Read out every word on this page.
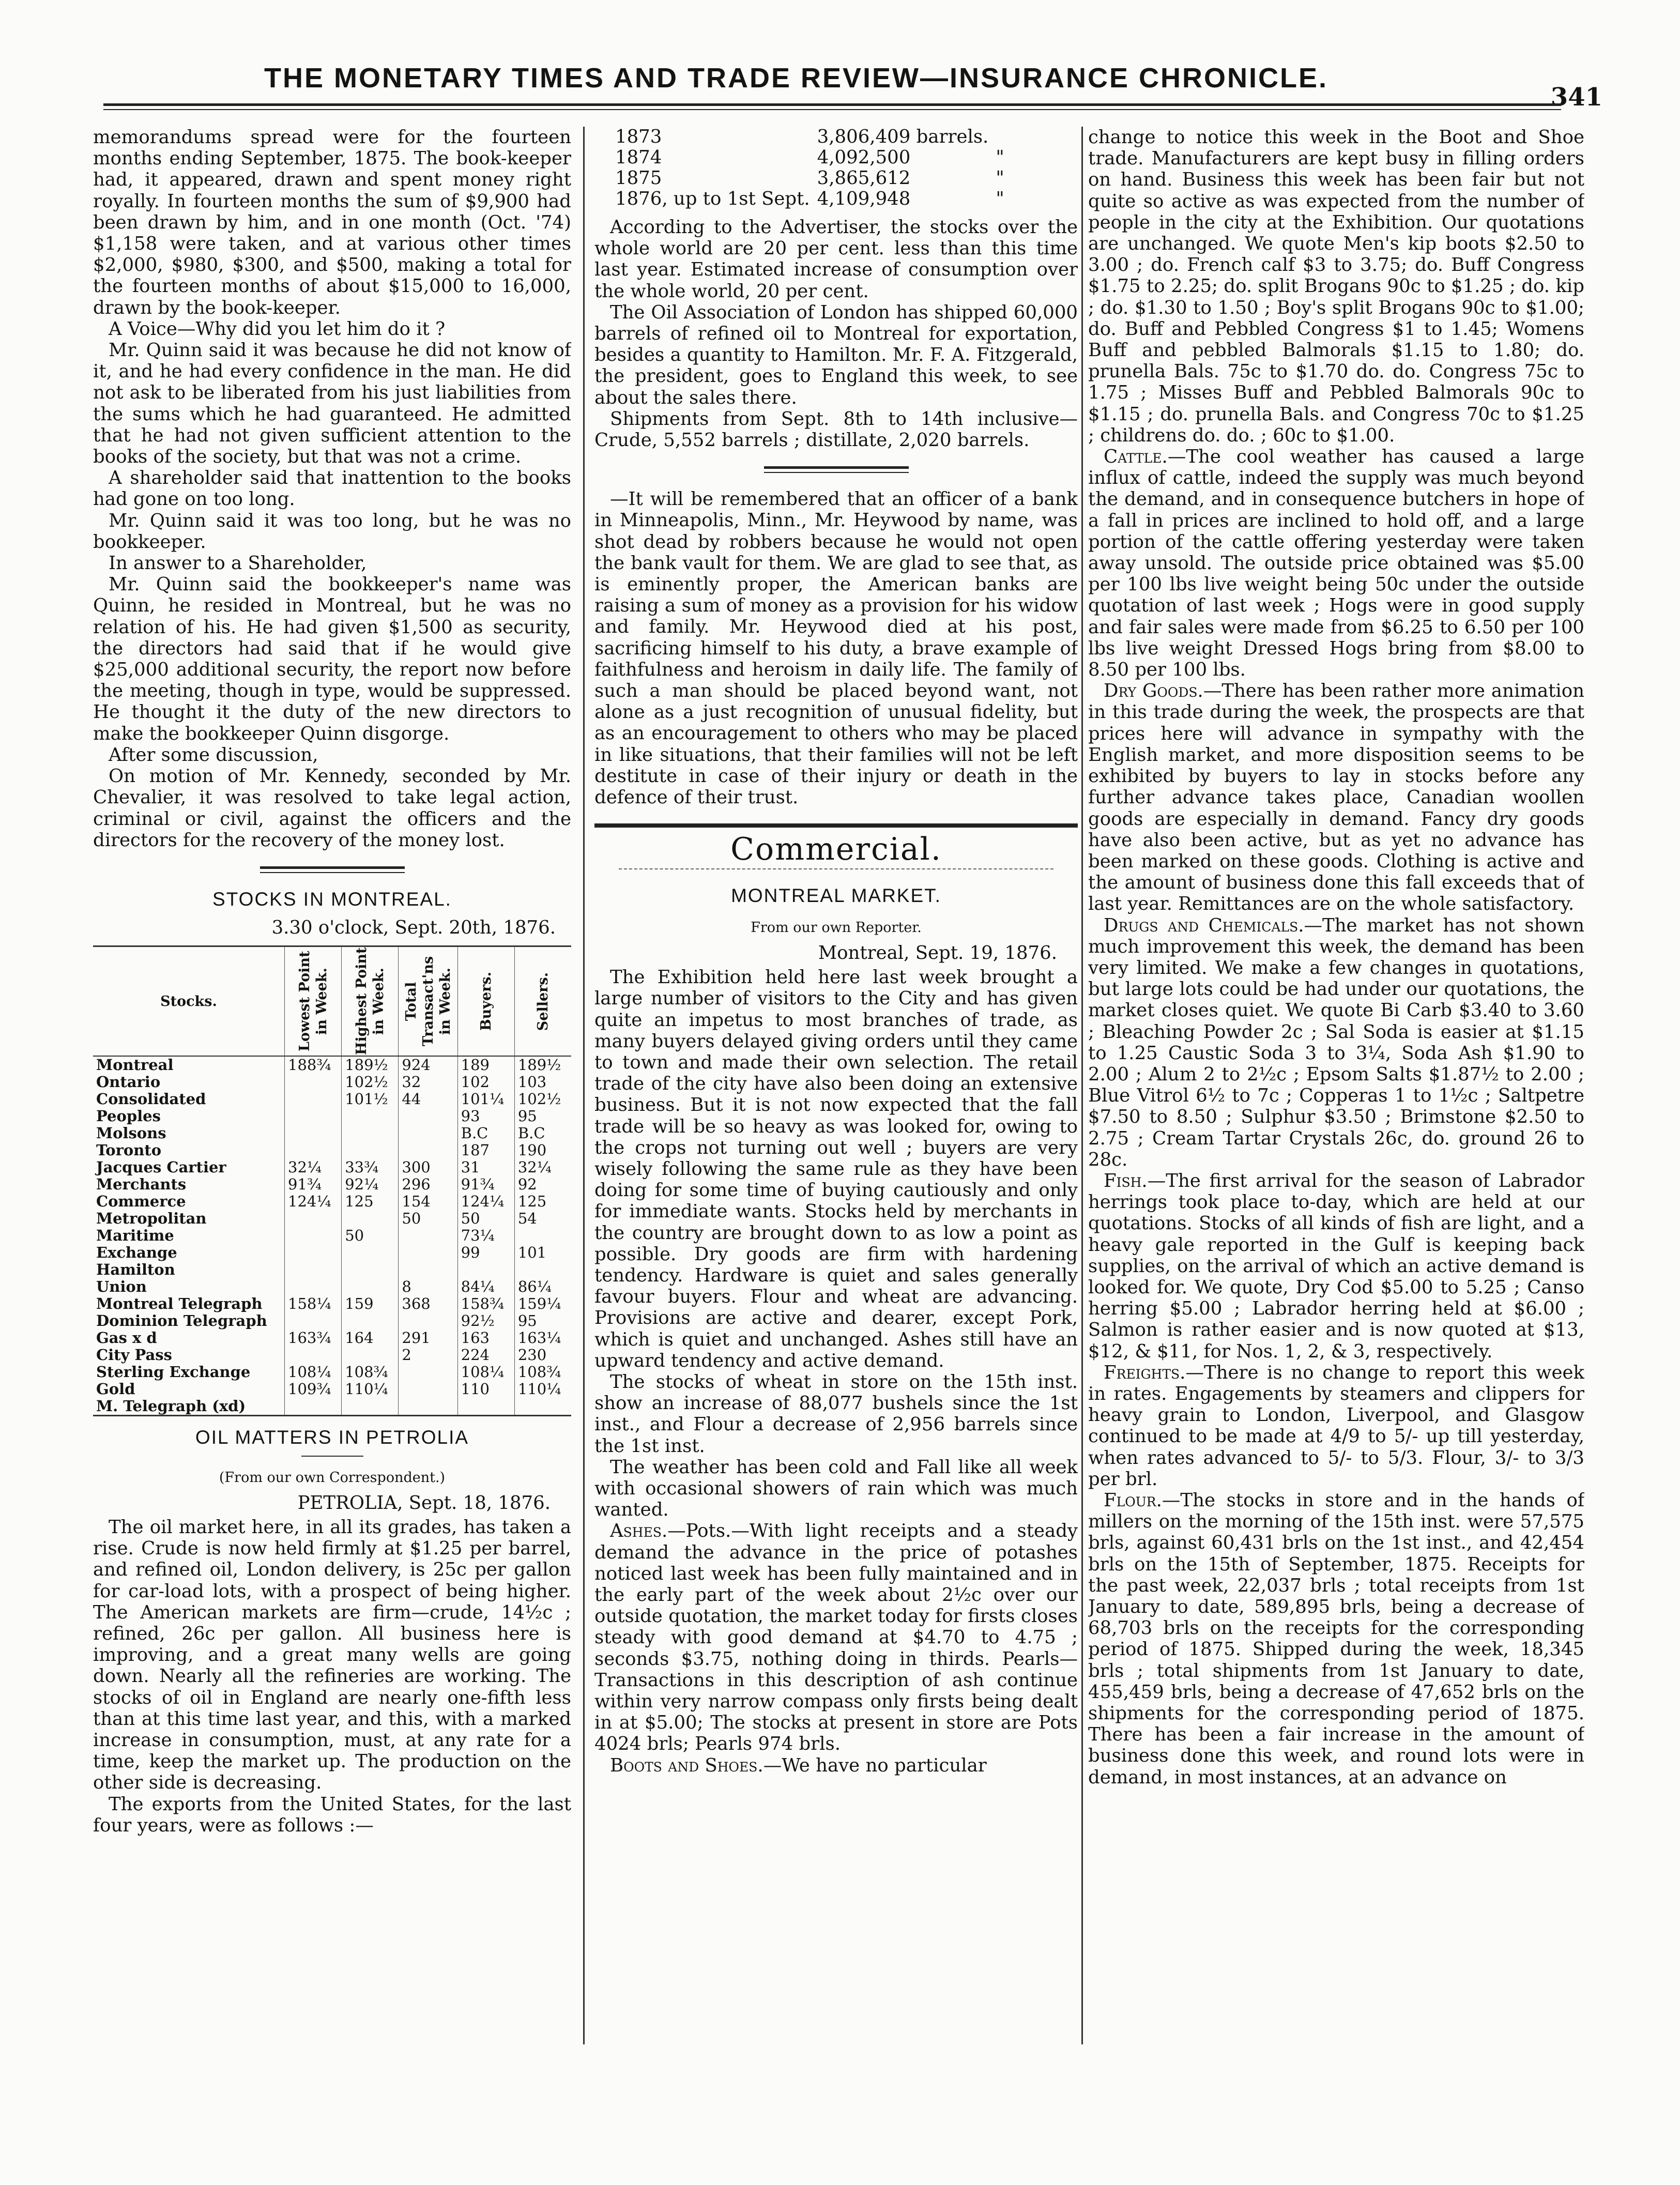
THE MONETARY TIMES AND TRADE REVIEW—INSURANCE CHRONICLE.
341

memorandums spread were for the fourteen months ending September, 1875. The book-keeper had, it appeared, drawn and spent money right royally. In fourteen months the sum of $9,900 had been drawn by him, and in one month (Oct. '74) $1,158 were taken, and at various other times $2,000, $980, $300, and $500, making a total for the fourteen months of about $15,000 to 16,000, drawn by the book-keeper.

A Voice—Why did you let him do it ?

Mr. Quinn said it was because he did not know of it, and he had every confidence in the man. He did not ask to be liberated from his just liabilities from the sums which he had guaranteed. He admitted that he had not given sufficient attention to the books of the society, but that was not a crime.

A shareholder said that inattention to the books had gone on too long.

Mr. Quinn said it was too long, but he was no bookkeeper.

In answer to a Shareholder,

Mr. Quinn said the bookkeeper's name was Quinn, he resided in Montreal, but he was no relation of his. He had given $1,500 as security, the directors had said that if he would give $25,000 additional security, the report now before the meeting, though in type, would be suppressed. He thought it the duty of the new directors to make the bookkeeper Quinn disgorge.

After some discussion,

On motion of Mr. Kennedy, seconded by Mr. Chevalier, it was resolved to take legal action, criminal or civil, against the officers and the directors for the recovery of the money lost.

STOCKS IN MONTREAL.
3.30 o'clock, Sept. 20th, 1876.
Stocks.	Lowest Point in Week.	Highest Point in Week.	Total Transact'ns in Week.	Buyers.	Sellers.

Montreal	188¾	189½	924	189	189½
Ontario		102½	32	102	103
Consolidated		101½	44	101¼	102½
Peoples				93	95
Molsons				B.C	B.C
Toronto				187	190
Jacques Cartier	32¼	33¾	300	31	32¼
Merchants	91¾	92¼	296	91¾	92
Commerce	124¼	125	154	124¼	125
Metropolitan			50	50	54
Maritime		50		73¼	
Exchange				99	101
Hamilton					
Union			8	84¼	86¼
Montreal Telegraph	158¼	159	368	158¾	159¼
Dominion Telegraph				92½	95
Gas x d	163¾	164	291	163	163¼
City Pass			2	224	230
Sterling Exchange	108¼	108¾		108¼	108¾
Gold	109¾	110¼		110	110¼
M. Telegraph (xd)					
OIL MATTERS IN PETROLIA
(From our own Correspondent.)
PETROLIA, Sept. 18, 1876.

The oil market here, in all its grades, has taken a rise. Crude is now held firmly at $1.25 per barrel, and refined oil, London delivery, is 25c per gallon for car-load lots, with a prospect of being higher. The American markets are firm—crude, 14½c ; refined, 26c per gallon. All business here is improving, and a great many wells are going down. Nearly all the refineries are working. The stocks of oil in England are nearly one-fifth less than at this time last year, and this, with a marked increase in consumption, must, at any rate for a time, keep the market up. The production on the other side is decreasing.

The exports from the United States, for the last four years, were as follows :—

1873	3,806,409 barrels.	
1874	4,092,500	"
1875	3,865,612	"
1876, up to 1st Sept.	4,109,948	"

According to the Advertiser, the stocks over the whole world are 20 per cent. less than this time last year. Estimated increase of consumption over the whole world, 20 per cent.

The Oil Association of London has shipped 60,000 barrels of refined oil to Montreal for exportation, besides a quantity to Hamilton. Mr. F. A. Fitzgerald, the president, goes to England this week, to see about the sales there.

Shipments from Sept. 8th to 14th inclusive—Crude, 5,552 barrels ; distillate, 2,020 barrels.

—It will be remembered that an officer of a bank in Minneapolis, Minn., Mr. Heywood by name, was shot dead by robbers because he would not open the bank vault for them. We are glad to see that, as is eminently proper, the American banks are raising a sum of money as a provision for his widow and family. Mr. Heywood died at his post, sacrificing himself to his duty, a brave example of faithfulness and heroism in daily life. The family of such a man should be placed beyond want, not alone as a just recognition of unusual fidelity, but as an encouragement to others who may be placed in like situations, that their families will not be left destitute in case of their injury or death in the defence of their trust.

Commercial.
MONTREAL MARKET.
From our own Reporter.
Montreal, Sept. 19, 1876.

The Exhibition held here last week brought a large number of visitors to the City and has given quite an impetus to most branches of trade, as many buyers delayed giving orders until they came to town and made their own selection. The retail trade of the city have also been doing an extensive business. But it is not now expected that the fall trade will be so heavy as was looked for, owing to the crops not turning out well ; buyers are very wisely following the same rule as they have been doing for some time of buying cautiously and only for immediate wants. Stocks held by merchants in the country are brought down to as low a point as possible. Dry goods are firm with hardening tendency. Hardware is quiet and sales generally favour buyers. Flour and wheat are advancing. Provisions are active and dearer, except Pork, which is quiet and unchanged. Ashes still have an upward tendency and active demand.

The stocks of wheat in store on the 15th inst. show an increase of 88,077 bushels since the 1st inst., and Flour a decrease of 2,956 barrels since the 1st inst.

The weather has been cold and Fall like all week with occasional showers of rain which was much wanted.

Ashes.—Pots.—With light receipts and a steady demand the advance in the price of potashes noticed last week has been fully maintained and in the early part of the week about 2½c over our outside quotation, the market today for firsts closes steady with good demand at $4.70 to 4.75 ; seconds $3.75, nothing doing in thirds. Pearls—Transactions in this description of ash continue within very narrow compass only firsts being dealt in at $5.00; The stocks at present in store are Pots 4024 brls; Pearls 974 brls.

Boots and Shoes.—We have no particular

change to notice this week in the Boot and Shoe trade. Manufacturers are kept busy in filling orders on hand. Business this week has been fair but not quite so active as was expected from the number of people in the city at the Exhibition. Our quotations are unchanged. We quote Men's kip boots $2.50 to 3.00 ; do. French calf $3 to 3.75; do. Buff Congress $1.75 to 2.25; do. split Brogans 90c to $1.25 ; do. kip ; do. $1.30 to 1.50 ; Boy's split Brogans 90c to $1.00; do. Buff and Pebbled Congress $1 to 1.45; Womens Buff and pebbled Balmorals $1.15 to 1.80; do. prunella Bals. 75c to $1.70 do. do. Congress 75c to 1.75 ; Misses Buff and Pebbled Balmorals 90c to $1.15 ; do. prunella Bals. and Congress 70c to $1.25 ; childrens do. do. ; 60c to $1.00.

Cattle.—The cool weather has caused a large influx of cattle, indeed the supply was much beyond the demand, and in consequence butchers in hope of a fall in prices are inclined to hold off, and a large portion of the cattle offering yesterday were taken away unsold. The outside price obtained was $5.00 per 100 lbs live weight being 50c under the outside quotation of last week ; Hogs were in good supply and fair sales were made from $6.25 to 6.50 per 100 lbs live weight Dressed Hogs bring from $8.00 to 8.50 per 100 lbs.

Dry Goods.—There has been rather more animation in this trade during the week, the prospects are that prices here will advance in sympathy with the English market, and more disposition seems to be exhibited by buyers to lay in stocks before any further advance takes place, Canadian woollen goods are especially in demand. Fancy dry goods have also been active, but as yet no advance has been marked on these goods. Clothing is active and the amount of business done this fall exceeds that of last year. Remittances are on the whole satisfactory.

Drugs and Chemicals.—The market has not shown much improvement this week, the demand has been very limited. We make a few changes in quotations, but large lots could be had under our quotations, the market closes quiet. We quote Bi Carb $3.40 to 3.60 ; Bleaching Powder 2c ; Sal Soda is easier at $1.15 to 1.25 Caustic Soda 3 to 3¼, Soda Ash $1.90 to 2.00 ; Alum 2 to 2½c ; Epsom Salts $1.87½ to 2.00 ; Blue Vitrol 6½ to 7c ; Copperas 1 to 1½c ; Saltpetre $7.50 to 8.50 ; Sulphur $3.50 ; Brimstone $2.50 to 2.75 ; Cream Tartar Crystals 26c, do. ground 26 to 28c.

Fish.—The first arrival for the season of Labrador herrings took place to-day, which are held at our quotations. Stocks of all kinds of fish are light, and a heavy gale reported in the Gulf is keeping back supplies, on the arrival of which an active demand is looked for. We quote, Dry Cod $5.00 to 5.25 ; Canso herring $5.00 ; Labrador herring held at $6.00 ; Salmon is rather easier and is now quoted at $13, $12, & $11, for Nos. 1, 2, & 3, respectively.

Freights.—There is no change to report this week in rates. Engagements by steamers and clippers for heavy grain to London, Liverpool, and Glasgow continued to be made at 4/9 to 5/- up till yesterday, when rates advanced to 5/- to 5/3. Flour, 3/- to 3/3 per brl.

Flour.—The stocks in store and in the hands of millers on the morning of the 15th inst. were 57,575 brls, against 60,431 brls on the 1st inst., and 42,454 brls on the 15th of September, 1875. Receipts for the past week, 22,037 brls ; total receipts from 1st January to date, 589,895 brls, being a decrease of 68,703 brls on the receipts for the corresponding period of 1875. Shipped during the week, 18,345 brls ; total shipments from 1st January to date, 455,459 brls, being a decrease of 47,652 brls on the shipments for the corresponding period of 1875. There has been a fair increase in the amount of business done this week, and round lots were in demand, in most instances, at an advance on
